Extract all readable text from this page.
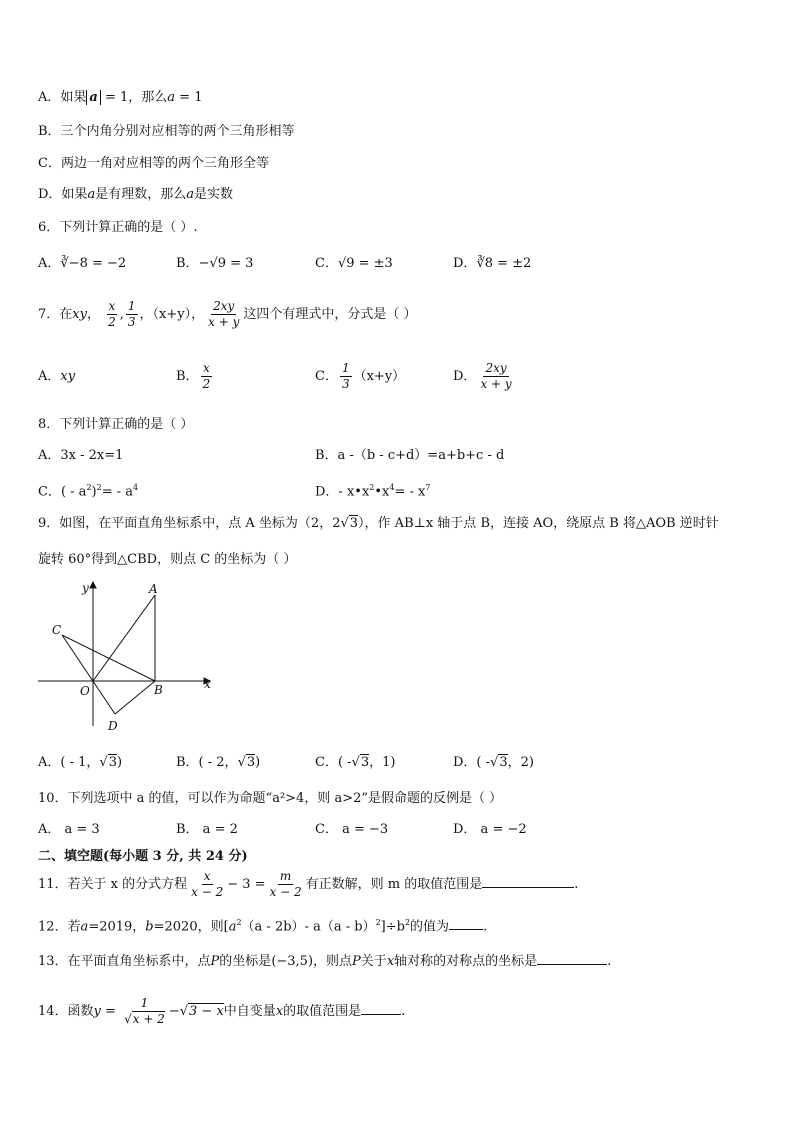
A．如果 a = 1，那么a = 1
B．三个内角分别对应相等的两个三角形相等
C．两边一角对应相等的两个三角形全等
D．如果a是有理数，那么a是实数
6．下列计算正确的是（ ）.
A．∛−8 = −2	B．−√9 = 3	C．√9 = ±3	D．∛8 = ±2
7．在xy， $\frac{x}{2}$ , $\frac{1}{3}$ ，（x+y）， $\frac{2xy}{x + y}$ 这四个有理式中，分式是（ ）
A．xy	B． $\frac{x}{2}$	C． $\frac{1}{3} (x+y)$	D． $\frac{2xy}{x + y}$
8．下列计算正确的是（ ）
A．3x - 2x=1	B．a -（b - c+d）=a+b+c - d
C．( - $a^2)^2= - a^4$	D．- $x•x^2•x^4= - x^7$
9．如图，在平面直角坐标系中，点 A 坐标为（2，2√3），作 AB⊥x 轴于点 B，连接 AO，绕原点 B 将△AOB 逆时针
旋转 60°得到△CBD，则点 C 的坐标为（ ）
y	A
C
x
O	B
D
A．( - 1，√3)	B．( - 2，√3)	C．( -√3，1)	D．( -√3，2)
10．下列选项中 a 的值，可以作为命题“a²>4，则 a>2”是假命题的反例是（ ）
A． a = 3	B． a = 2	C． a = −3	D． a = −2
二、填空题(每小题 3 分, 共 24 分)
11．若关于 x 的分式方程 $\frac{x}{x - 2} - 3 = \frac{m}{x - 2}$ 有正数解，则 m 的取值范围是	.
12．若a=2019，b=2020，则[$a^2(a - 2b)-$ $a(a - b)^2]\div b^2$的值为	.
13．在平面直角坐标系中，点P的坐标是(−3,5)，则点P关于x轴对称的对称点的坐标是	.
14．函数$y = \frac{1}{√x + 2} -√3 - x$中自变量x的取值范围是	.
